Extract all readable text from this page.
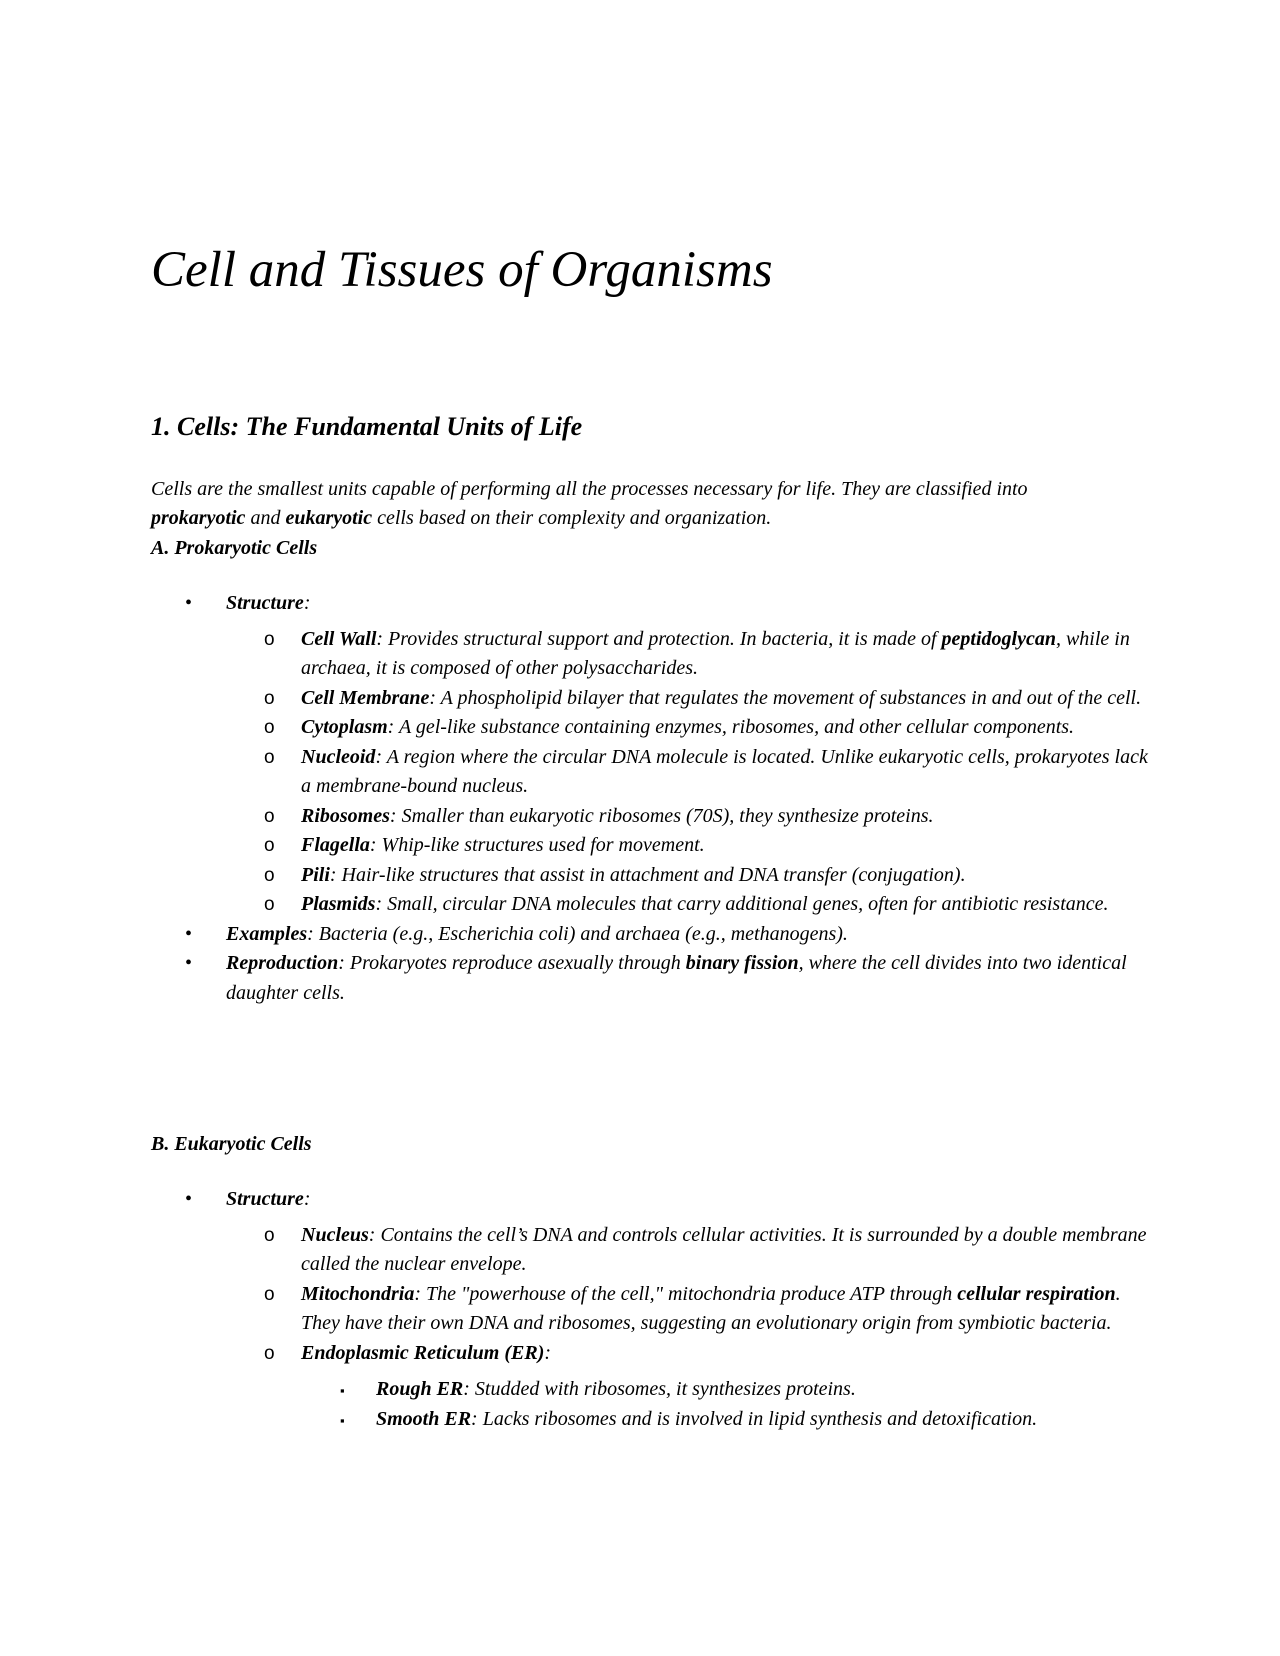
Cell and Tissues of Organisms
1. Cells: The Fundamental Units of Life

Cells are the smallest units capable of performing all the processes necessary for life. They are classified into prokaryotic and eukaryotic cells based on their complexity and organization.

A. Prokaryotic Cells
• Structure:
o Cell Wall: Provides structural support and protection. In bacteria, it is made of peptidoglycan, while in archaea, it is composed of other polysaccharides.
o Cell Membrane: A phospholipid bilayer that regulates the movement of substances in and out of the cell.
o Cytoplasm: A gel-like substance containing enzymes, ribosomes, and other cellular components.
o Nucleoid: A region where the circular DNA molecule is located. Unlike eukaryotic cells, prokaryotes lack a membrane-bound nucleus.
o Ribosomes: Smaller than eukaryotic ribosomes (70S), they synthesize proteins.
o Flagella: Whip-like structures used for movement.
o Pili: Hair-like structures that assist in attachment and DNA transfer (conjugation).
o Plasmids: Small, circular DNA molecules that carry additional genes, often for antibiotic resistance.
• Examples: Bacteria (e.g., Escherichia coli) and archaea (e.g., methanogens).
• Reproduction: Prokaryotes reproduce asexually through binary fission, where the cell divides into two identical daughter cells.
B. Eukaryotic Cells
• Structure:
o Nucleus: Contains the cell’s DNA and controls cellular activities. It is surrounded by a double membrane called the nuclear envelope.
o Mitochondria: The "powerhouse of the cell," mitochondria produce ATP through cellular respiration. They have their own DNA and ribosomes, suggesting an evolutionary origin from symbiotic bacteria.
o Endoplasmic Reticulum (ER):
▪ Rough ER: Studded with ribosomes, it synthesizes proteins.
▪ Smooth ER: Lacks ribosomes and is involved in lipid synthesis and detoxification.
